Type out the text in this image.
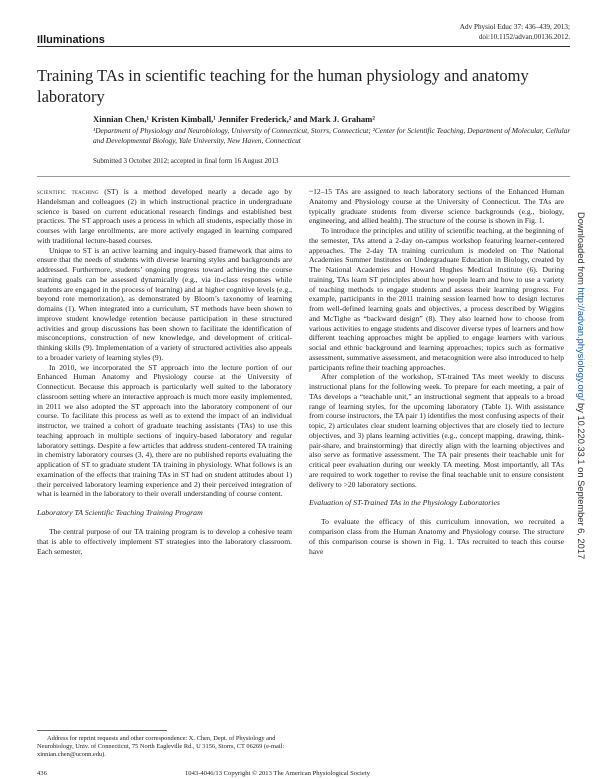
Illuminations
Adv Physiol Educ 37: 436–439, 2013;
doi:10.1152/advan.00136.2012.
Training TAs in scientific teaching for the human physiology and anatomy laboratory
Xinnian Chen,¹ Kristen Kimball,¹ Jennifer Frederick,² and Mark J. Graham²
¹Department of Physiology and Neurobiology, University of Connecticut, Storrs, Connecticut; ²Center for Scientific Teaching, Department of Molecular, Cellular and Developmental Biology, Yale University, New Haven, Connecticut
Submitted 3 October 2012; accepted in final form 16 August 2013

scientific teaching (ST) is a method developed nearly a decade ago by Handelsman and colleagues (2) in which instructional practice in undergraduate science is based on current educational research findings and established best practices. The ST approach uses a process in which all students, especially those in courses with large enrollments, are more actively engaged in learning compared with traditional lecture-based courses.

Unique to ST is an active learning and inquiry-based framework that aims to ensure that the needs of students with diverse learning styles and backgrounds are addressed. Furthermore, students’ ongoing progress toward achieving the course learning goals can be assessed dynamically (e.g., via in-class responses while students are engaged in the process of learning) and at higher cognitive levels (e.g., beyond rote memorization), as demonstrated by Bloom’s taxonomy of learning domains (1). When integrated into a curriculum, ST methods have been shown to improve student knowledge retention because participation in these structured activities and group discussions has been shown to facilitate the identification of misconceptions, construction of new knowledge, and development of critical-thinking skills (9). Implementation of a variety of structured activities also appeals to a broader variety of learning styles (9).

In 2010, we incorporated the ST approach into the lecture portion of our Enhanced Human Anatomy and Physiology course at the University of Connecticut. Because this approach is particularly well suited to the laboratory classroom setting where an interactive approach is much more easily implemented, in 2011 we also adopted the ST approach into the laboratory component of our course. To facilitate this process as well as to extend the impact of an individual instructor, we trained a cohort of graduate teaching assistants (TAs) to use this teaching approach in multiple sections of inquiry-based laboratory and regular laboratory settings. Despite a few articles that address student-centered TA training in chemistry laboratory courses (3, 4), there are no published reports evaluating the application of ST to graduate student TA training in physiology. What follows is an examination of the effects that training TAs in ST had on student attitudes about 1) their perceived laboratory learning experience and 2) their perceived integration of what is learned in the laboratory to their overall understanding of course content.

Laboratory TA Scientific Teaching Training Program

The central purpose of our TA training program is to develop a cohesive team that is able to effectively implement ST strategies into the laboratory classroom. Each semester,

~12–15 TAs are assigned to teach laboratory sections of the Enhanced Human Anatomy and Physiology course at the University of Connecticut. The TAs are typically graduate students from diverse science backgrounds (e.g., biology, engineering, and allied health). The structure of the course is shown in Fig. 1.

To introduce the principles and utility of scientific teaching, at the beginning of the semester, TAs attend a 2-day on-campus workshop featuring learner-centered approaches. The 2-day TA training curriculum is modeled on The National Academies Summer Institutes on Undergraduate Education in Biology, created by The National Academies and Howard Hughes Medical Institute (6). During training, TAs learn ST principles about how people learn and how to use a variety of teaching methods to engage students and assess their learning progress. For example, participants in the 2011 training session learned how to design lectures from well-defined learning goals and objectives, a process described by Wiggins and McTighe as “backward design” (8). They also learned how to choose from various activities to engage students and discover diverse types of learners and how different teaching approaches might be applied to engage learners with various social and ethnic background and learning approaches; topics such as formative assessment, summative assessment, and metacognition were also introduced to help participants refine their teaching approaches.

After completion of the workshop, ST-trained TAs meet weekly to discuss instructional plans for the following week. To prepare for each meeting, a pair of TAs develops a “teachable unit,” an instructional segment that appeals to a broad range of learning styles, for the upcoming laboratory (Table 1). With assistance from course instructors, the TA pair 1) identifies the most confusing aspects of their topic, 2) articulates clear student learning objectives that are closely tied to lecture objectives, and 3) plans learning activities (e.g., concept mapping, drawing, think-pair-share, and brainstorming) that directly align with the learning objectives and also serve as formative assessment. The TA pair presents their teachable unit for critical peer evaluation during our weekly TA meeting. Most importantly, all TAs are required to work together to revise the final teachable unit to ensure consistent delivery to >20 laboratory sections.

Evaluation of ST-Trained TAs in the Physiology Laboratories

To evaluate the efficacy of this curriculum innovation, we recruited a comparison class from the Human Anatomy and Physiology course. The structure of this comparison course is shown in Fig. 1. TAs recruited to teach this course have

Address for reprint requests and other correspondence: X. Chen, Dept. of Physiology and Neurobiology, Univ. of Connecticut, 75 North Eagleville Rd., U 3156, Storrs, CT 06269 (e-mail: xinnian.chen@uconn.edu).
436	1043-4046/13 Copyright © 2013 The American Physiological Society
Downloaded from http://advan.physiology.org/ by 10.220.33.1 on September 6, 2017
